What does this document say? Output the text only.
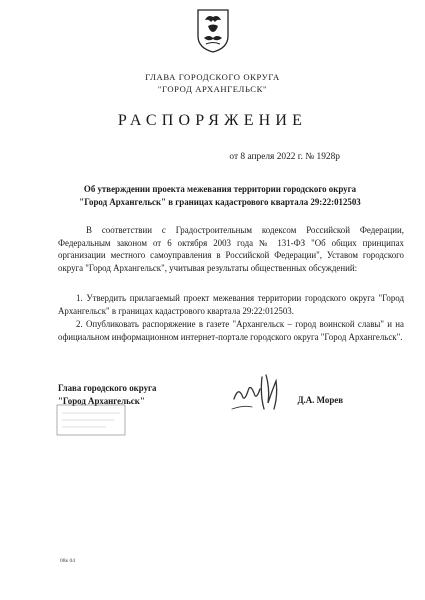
ГЛАВА ГОРОДСКОГО ОКРУГА
"ГОРОД АРХАНГЕЛЬСК"
РАСПОРЯЖЕНИЕ
от 8 апреля 2022 г. № 1928р
Об утверждении проекта межевания территории городского округа
"Город Архангельск" в границах кадастрового квартала 29:22:012503
В соответствии с Градостроительным кодексом Российской Федерации, Федеральным законом от 6 октября 2003 года № 131-ФЗ "Об общих принципах организации местного самоуправления в Российской Федерации", Уставом городского округа "Город Архангельск", учитывая результаты общественных обсуждений:
1. Утвердить прилагаемый проект межевания территории городского округа "Город Архангельск" в границах кадастрового квартала 29:22:012503.
2. Опубликовать распоряжение в газете "Архангельск – город воинской славы" и на официальном информационном интернет-портале городского округа "Город Архангельск".
Глава городского округа
"Город Архангельск"	Д.А. Морев
08к 04
